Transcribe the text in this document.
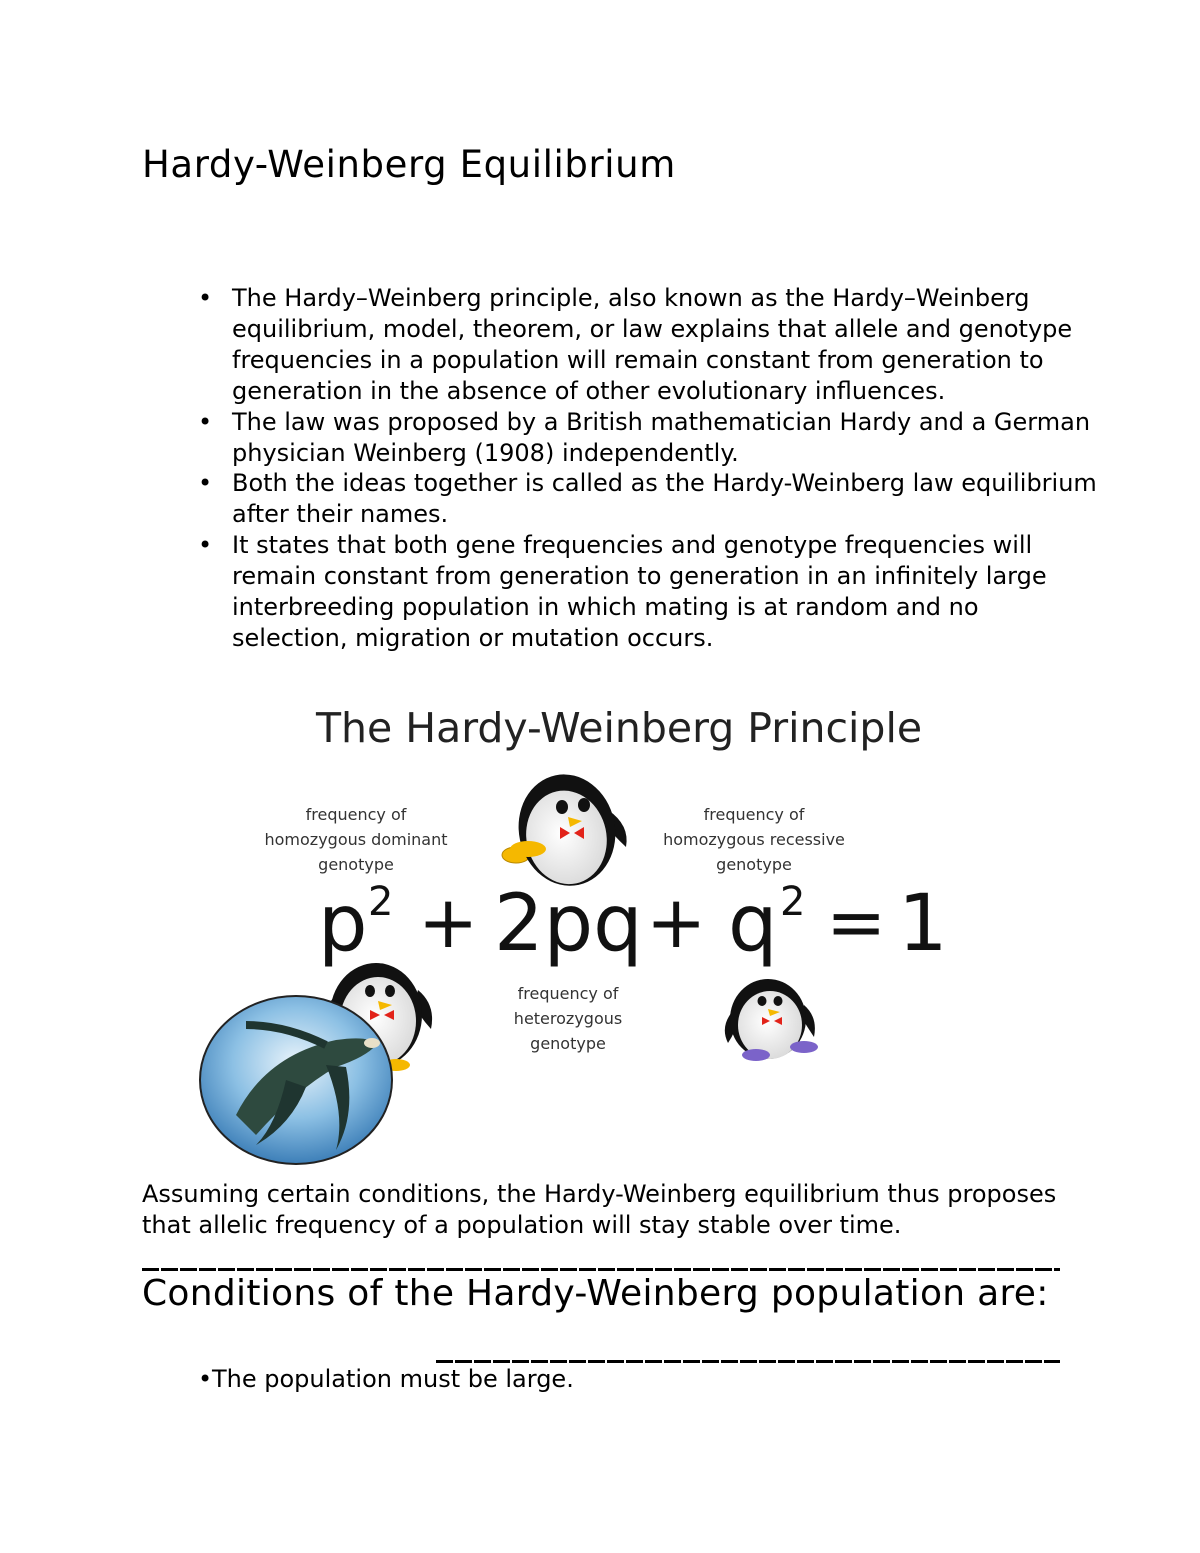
Hardy-Weinberg Equilibrium
• The Hardy–Weinberg principle, also known as the Hardy–Weinberg equilibrium, model, theorem, or law explains that allele and genotype frequencies in a population will remain constant from generation to generation in the absence of other evolutionary influences.
• The law was proposed by a British mathematician Hardy and a German physician Weinberg (1908) independently.
• Both the ideas together is called as the Hardy-Weinberg law equilibrium after their names.
• It states that both gene frequencies and genotype frequencies will remain constant from generation to generation in an infinitely large interbreeding population in which mating is at random and no selection, migration or mutation occurs.
The Hardy-Weinberg Principle
frequency of
homozygous dominant
genotype
frequency of
homozygous recessive
genotype
p 2 + 2pq + q 2 = 1
frequency of
heterozygous
genotype

Assuming certain conditions, the Hardy-Weinberg equilibrium thus proposes that allelic frequency of a population will stay stable over time.

Conditions of the Hardy-Weinberg population are:
• The population must be large.
